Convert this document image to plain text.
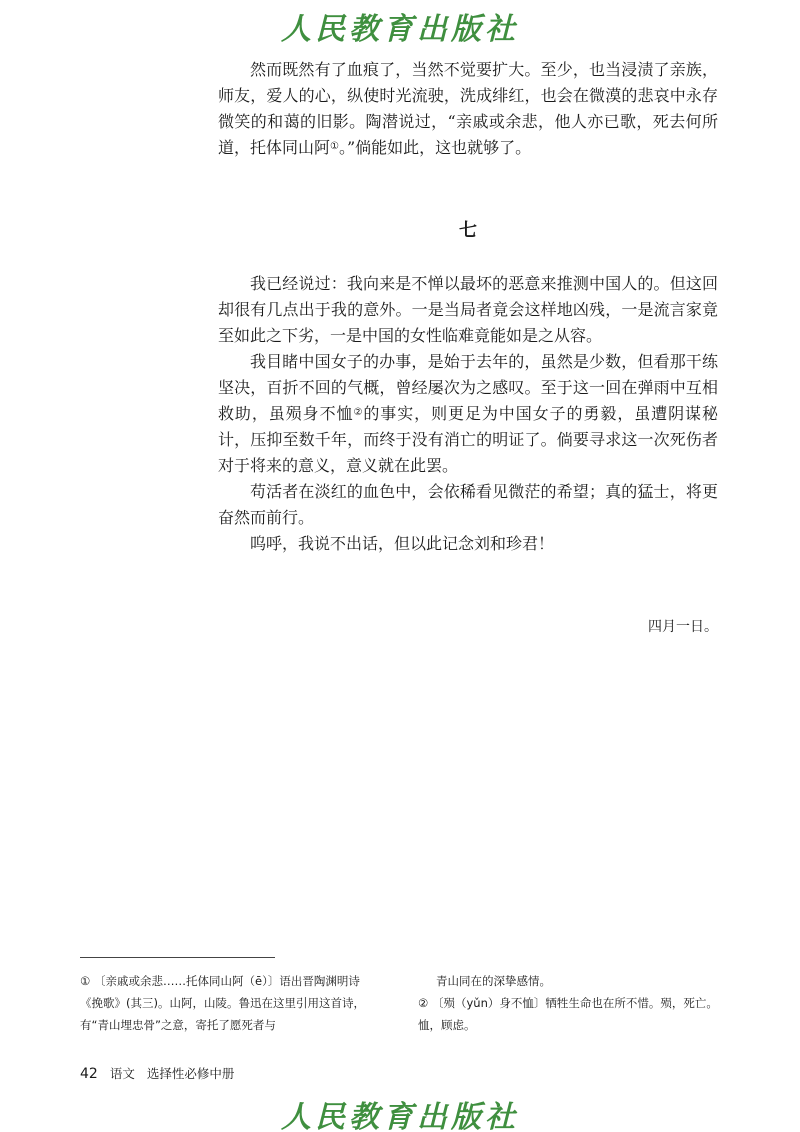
人民教育出版社

然而既然有了血痕了，当然不觉要扩大。至少，也当浸渍了亲族，师友，爱人的心，纵使时光流驶，洗成绯红，也会在微漠的悲哀中永存微笑的和蔼的旧影。陶潜说过，“亲戚或余悲，他人亦已歌，死去何所道，托体同山阿①。”倘能如此，这也就够了。

七

我已经说过：我向来是不惮以最坏的恶意来推测中国人的。但这回却很有几点出于我的意外。一是当局者竟会这样地凶残，一是流言家竟至如此之下劣，一是中国的女性临难竟能如是之从容。

我目睹中国女子的办事，是始于去年的，虽然是少数，但看那干练坚决，百折不回的气概，曾经屡次为之感叹。至于这一回在弹雨中互相救助，虽殒身不恤②的事实，则更足为中国女子的勇毅，虽遭阴谋秘计，压抑至数千年，而终于没有消亡的明证了。倘要寻求这一次死伤者对于将来的意义，意义就在此罢。

苟活者在淡红的血色中，会依稀看见微茫的希望；真的猛士，将更奋然而前行。

呜呼，我说不出话，但以此记念刘和珍君！

四月一日。
① 〔亲戚或余悲……托体同山阿（ē）〕语出晋陶渊明诗《挽歌》(其三)。山阿，山陵。鲁迅在这里引用这首诗，有“青山埋忠骨”之意，寄托了愿死者与
青山同在的深挚感情。
② 〔殒（yǔn）身不恤〕牺牲生命也在所不惜。殒，死亡。恤，顾虑。
42 语文 选择性必修中册
人民教育出版社
